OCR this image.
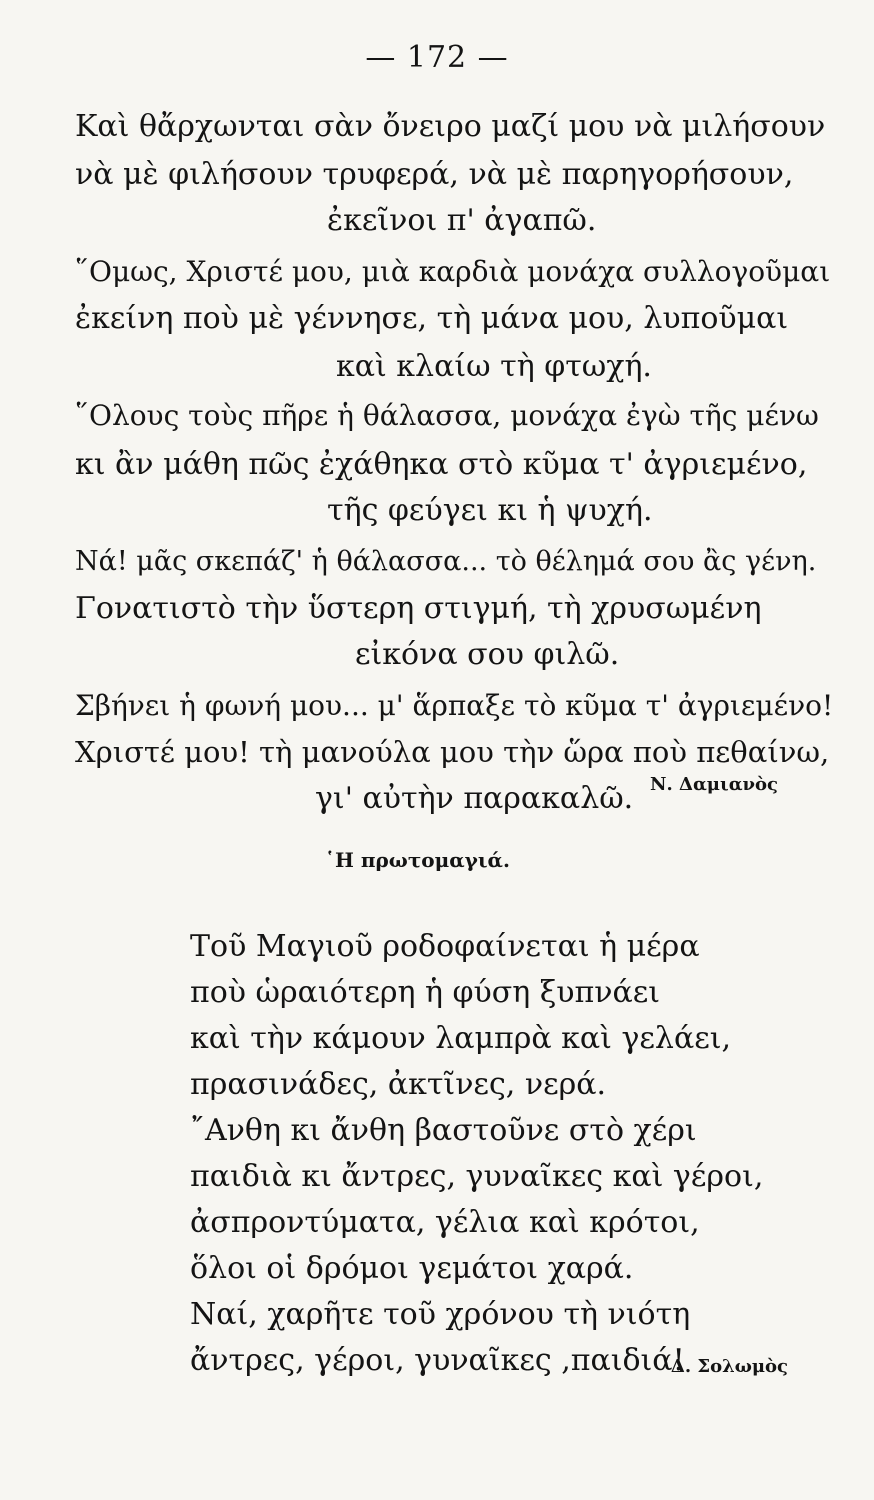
— 172 —
Καὶ θἄρχωνται σὰν ὄνειρο μαζί μου νὰ μιλήσουν
νὰ μὲ φιλήσουν τρυφερά, νὰ μὲ παρηγορήσουν,
ἐκεῖνοι π' ἀγαπῶ.
῞Ομως, Χριστέ μου, μιὰ καρδιὰ μονάχα συλλογοῦμαι
ἐκείνη ποὺ μὲ γέννησε, τὴ μάνα μου, λυποῦμαι
καὶ κλαίω τὴ φτωχή.
῞Ολους τοὺς πῆρε ἡ θάλασσα, μονάχα ἐγὼ τῆς μένω
κι ἂν μάθη πῶς ἐχάθηκα στὸ κῦμα τ' ἀγριεμένο,
τῆς φεύγει κι ἡ ψυχή.
Νά! μᾶς σκεπάζ' ἡ θάλασσα... τὸ θέλημά σου ἂς γένη.
Γονατιστὸ τὴν ὕστερη στιγμή, τὴ χρυσωμένη
εἰκόνα σου φιλῶ.
Σβήνει ἡ φωνή μου... μ' ἅρπαξε τὸ κῦμα τ' ἀγριεμένο!
Χριστέ μου! τὴ μανούλα μου τὴν ὥρα ποὺ πεθαίνω,
γι' αὐτὴν παρακαλῶ. Ν. Δαμιανὸς
῾Η πρωτομαγιά.
Τοῦ Μαγιοῦ ροδοφαίνεται ἡ μέρα
ποὺ ὡραιότερη ἡ φύση ξυπνάει
καὶ τὴν κάμουν λαμπρὰ καὶ γελάει,
πρασινάδες, ἀκτῖνες, νερά.
῎Ανθη κι ἄνθη βαστοῦνε στὸ χέρι
παιδιὰ κι ἄντρες, γυναῖκες καὶ γέροι,
ἀσπροντύματα, γέλια καὶ κρότοι,
ὅλοι οἱ δρόμοι γεμάτοι χαρά.
Ναί, χαρῆτε τοῦ χρόνου τὴ νιότη
ἄντρες, γέροι, γυναῖκες ,παιδιά!
Δ. Σολωμὸς
